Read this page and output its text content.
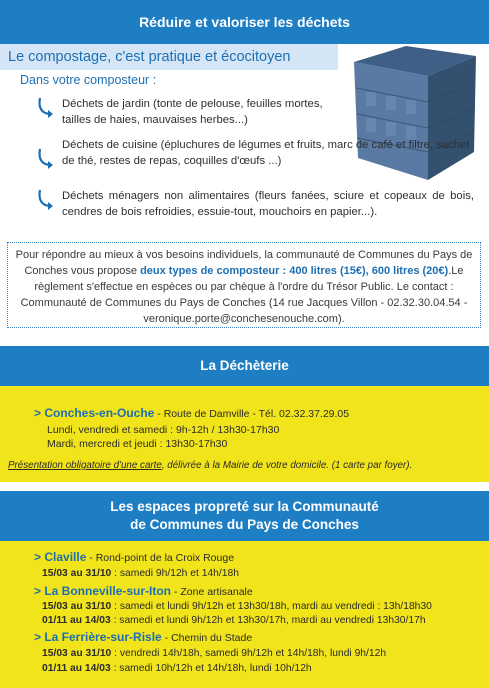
Réduire et valoriser les déchets
Le compostage, c'est pratique et écocitoyen
Dans votre composteur :
Déchets de jardin (tonte de pelouse, feuilles mortes, tailles de haies, mauvaises herbes...)
Déchets de cuisine (épluchures de légumes et fruits, marc de café et filtre, sachet de thé, restes de repas, coquilles d'œufs ...)
Déchets ménagers non alimentaires (fleurs fanées, sciure et copeaux de bois, cendres de bois refroidies, essuie-tout, mouchoirs en papier...).
Pour répondre au mieux à vos besoins individuels, la communauté de Communes du Pays de Conches vous propose deux types de composteur : 400 litres (15€), 600 litres (20€).Le règlement s'effectue en espèces ou par chèque à l'ordre du Trésor Public. Le contact : Communauté de Communes du Pays de Conches (14 rue Jacques Villon - 02.32.30.04.54 - veronique.porte@conchesenouche.com).
La Déchèterie
> Conches-en-Ouche - Route de Damville - Tél. 02.32.37.29.05
Lundi, vendredi et samedi : 9h-12h / 13h30-17h30
Mardi, mercredi et jeudi : 13h30-17h30
Présentation obligatoire d'une carte, délivrée à la Mairie de votre domicile. (1 carte par foyer).
Les espaces propreté sur la Communauté
de Communes du Pays de Conches
> Claville - Rond-point de la Croix Rouge
15/03 au 31/10 : samedi 9h/12h et 14h/18h
> La Bonneville-sur-Iton - Zone artisanale
15/03 au 31/10 : samedi et lundi 9h/12h et 13h30/18h, mardi au vendredi : 13h/18h30
01/11 au 14/03 : samedi et lundi 9h/12h et 13h30/17h, mardi au vendredi 13h30/17h
> La Ferrière-sur-Risle - Chemin du Stade
15/03 au 31/10 : vendredi 14h/18h, samedi 9h/12h et 14h/18h, lundi 9h/12h
01/11 au 14/03 : samedi 10h/12h et 14h/18h, lundi 10h/12h
